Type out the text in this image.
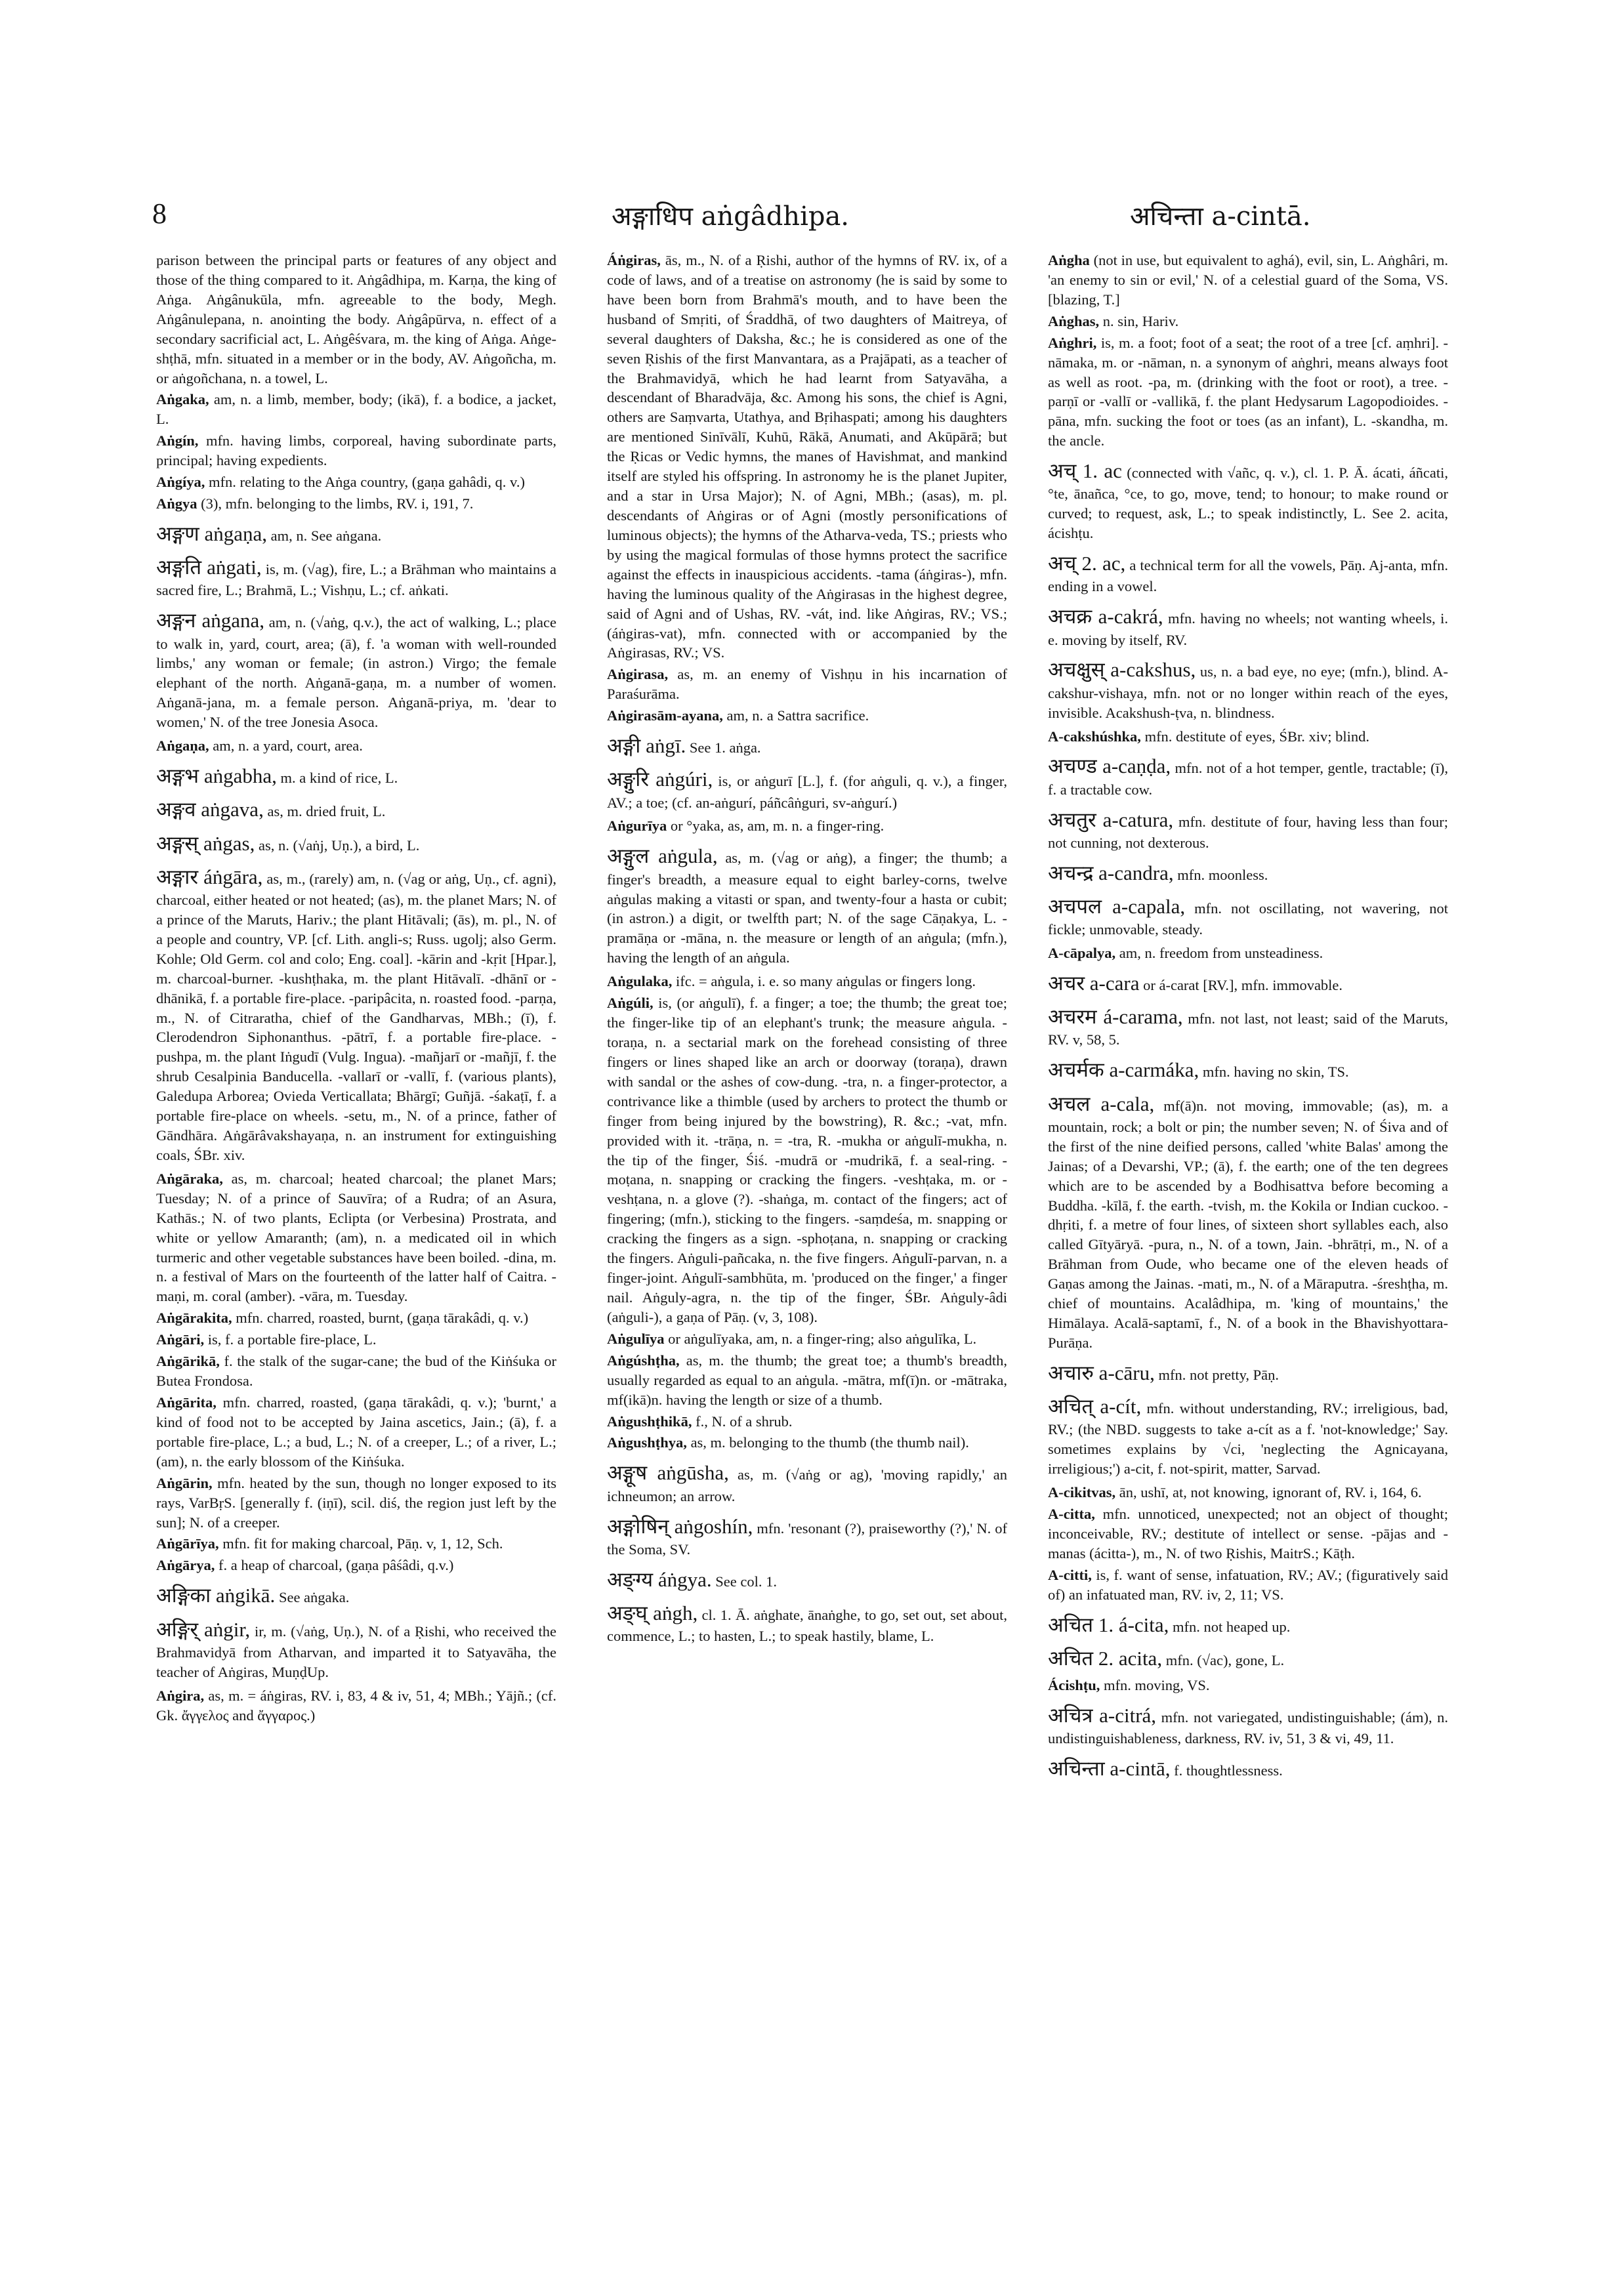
8	अङ्गाधिप aṅgâdhipa.	अचिन्ता a-cintā.

parison between the principal parts or features of any object and those of the thing compared to it. Aṅgâdhipa, m. Karṇa, the king of Aṅga. Aṅgânukūla, mfn. agreeable to the body, Megh. Aṅgânulepana, n. anointing the body. Aṅgâpūrva, n. effect of a secondary sacrificial act, L. Aṅgêśvara, m. the king of Aṅga. Aṅge-shṭhā, mfn. situated in a member or in the body, AV. Aṅgoñcha, m. or aṅgoñchana, n. a towel, L.

Aṅgaka, am, n. a limb, member, body; (ikā), f. a bodice, a jacket, L.

Aṅgín, mfn. having limbs, corporeal, having subordinate parts, principal; having expedients.

Aṅgíya, mfn. relating to the Aṅga country, (gaṇa gahâdi, q. v.)

Aṅgya (3), mfn. belonging to the limbs, RV. i, 191, 7.

अङ्गण aṅgaṇa, am, n. See aṅgana.

अङ्गति aṅgati, is, m. (√ag), fire, L.; a Brāhman who maintains a sacred fire, L.; Brahmā, L.; Vishṇu, L.; cf. aṅkati.

अङ्गन aṅgana, am, n. (√aṅg, q.v.), the act of walking, L.; place to walk in, yard, court, area; (ā), f. 'a woman with well-rounded limbs,' any woman or female; (in astron.) Virgo; the female elephant of the north. Aṅganā-gaṇa, m. a number of women. Aṅganā-jana, m. a female person. Aṅganā-priya, m. 'dear to women,' N. of the tree Jonesia Asoca.

Aṅgaṇa, am, n. a yard, court, area.

अङ्गभ aṅgabha, m. a kind of rice, L.

अङ्गव aṅgava, as, m. dried fruit, L.

अङ्गस् aṅgas, as, n. (√aṅj, Uṇ.), a bird, L.

अङ्गार áṅgāra, as, m., (rarely) am, n. (√ag or aṅg, Uṇ., cf. agni), charcoal, either heated or not heated; (as), m. the planet Mars; N. of a prince of the Maruts, Hariv.; the plant Hitāvali; (ās), m. pl., N. of a people and country, VP. [cf. Lith. angli-s; Russ. ugolj; also Germ. Kohle; Old Germ. col and colo; Eng. coal]. -kārin and -kṛit [Hpar.], m. charcoal-burner. -kushṭhaka, m. the plant Hitāvalī. -dhānī or -dhānikā, f. a portable fire-place. -paripâcita, n. roasted food. -parṇa, m., N. of Citraratha, chief of the Gandharvas, MBh.; (ī), f. Clerodendron Siphonanthus. -pātrī, f. a portable fire-place. -pushpa, m. the plant Iṅgudī (Vulg. Ingua). -mañjarī or -mañjī, f. the shrub Cesalpinia Banducella. -vallarī or -vallī, f. (various plants), Galedupa Arborea; Ovieda Verticallata; Bhārgī; Guñjā. -śakaṭī, f. a portable fire-place on wheels. -setu, m., N. of a prince, father of Gāndhāra. Aṅgārâvakshayaṇa, n. an instrument for extinguishing coals, ŚBr. xiv.

Aṅgāraka, as, m. charcoal; heated charcoal; the planet Mars; Tuesday; N. of a prince of Sauvīra; of a Rudra; of an Asura, Kathās.; N. of two plants, Eclipta (or Verbesina) Prostrata, and white or yellow Amaranth; (am), n. a medicated oil in which turmeric and other vegetable substances have been boiled. -dina, m. n. a festival of Mars on the fourteenth of the latter half of Caitra. -maṇi, m. coral (amber). -vāra, m. Tuesday.

Aṅgārakita, mfn. charred, roasted, burnt, (gaṇa tārakâdi, q. v.)

Aṅgāri, is, f. a portable fire-place, L.

Aṅgārikā, f. the stalk of the sugar-cane; the bud of the Kiṅśuka or Butea Frondosa.

Aṅgārita, mfn. charred, roasted, (gaṇa tārakâdi, q. v.); 'burnt,' a kind of food not to be accepted by Jaina ascetics, Jain.; (ā), f. a portable fire-place, L.; a bud, L.; N. of a creeper, L.; of a river, L.; (am), n. the early blossom of the Kiṅśuka.

Aṅgārin, mfn. heated by the sun, though no longer exposed to its rays, VarBṛS. [generally f. (iṇī), scil. diś, the region just left by the sun]; N. of a creeper.

Aṅgārīya, mfn. fit for making charcoal, Pāṇ. v, 1, 12, Sch.

Aṅgārya, f. a heap of charcoal, (gaṇa pâśâdi, q.v.)

अङ्गिका aṅgikā. See aṅgaka.

अङ्गिर् aṅgir, ir, m. (√aṅg, Uṇ.), N. of a Ṛishi, who received the Brahmavidyā from Atharvan, and imparted it to Satyavāha, the teacher of Aṅgiras, MuṇḍUp.

Aṅgira, as, m. = áṅgiras, RV. i, 83, 4 & iv, 51, 4; MBh.; Yājñ.; (cf. Gk. ἄγγελος and ἄγγαρος.)

Áṅgiras, ās, m., N. of a Ṛishi, author of the hymns of RV. ix, of a code of laws, and of a treatise on astronomy (he is said by some to have been born from Brahmā's mouth, and to have been the husband of Smṛiti, of Śraddhā, of two daughters of Maitreya, of several daughters of Daksha, &c.; he is considered as one of the seven Ṛishis of the first Manvantara, as a Prajāpati, as a teacher of the Brahmavidyā, which he had learnt from Satyavāha, a descendant of Bharadvāja, &c. Among his sons, the chief is Agni, others are Saṃvarta, Utathya, and Bṛihaspati; among his daughters are mentioned Sinīvālī, Kuhū, Rākā, Anumati, and Akūpārā; but the Ṛicas or Vedic hymns, the manes of Havishmat, and mankind itself are styled his offspring. In astronomy he is the planet Jupiter, and a star in Ursa Major); N. of Agni, MBh.; (asas), m. pl. descendants of Aṅgiras or of Agni (mostly personifications of luminous objects); the hymns of the Atharva-veda, TS.; priests who by using the magical formulas of those hymns protect the sacrifice against the effects in inauspicious accidents. -tama (áṅgiras-), mfn. having the luminous quality of the Aṅgirasas in the highest degree, said of Agni and of Ushas, RV. -vát, ind. like Aṅgiras, RV.; VS.; (áṅgiras-vat), mfn. connected with or accompanied by the Aṅgirasas, RV.; VS.

Aṅgirasa, as, m. an enemy of Vishṇu in his incarnation of Paraśurāma.

Aṅgirasām-ayana, am, n. a Sattra sacrifice.

अङ्गी aṅgī. See 1. aṅga.

अङ्गुरि aṅgúri, is, or aṅgurī [L.], f. (for aṅguli, q. v.), a finger, AV.; a toe; (cf. an-aṅgurí, páñcâṅguri, sv-aṅgurí.)

Aṅgurīya or °yaka, as, am, m. n. a finger-ring.

अङ्गुल aṅgula, as, m. (√ag or aṅg), a finger; the thumb; a finger's breadth, a measure equal to eight barley-corns, twelve aṅgulas making a vitasti or span, and twenty-four a hasta or cubit; (in astron.) a digit, or twelfth part; N. of the sage Cāṇakya, L. -pramāṇa or -māna, n. the measure or length of an aṅgula; (mfn.), having the length of an aṅgula.

Aṅgulaka, ifc. = aṅgula, i. e. so many aṅgulas or fingers long.

Aṅgúli, is, (or aṅgulī), f. a finger; a toe; the thumb; the great toe; the finger-like tip of an elephant's trunk; the measure aṅgula. -toraṇa, n. a sectarial mark on the forehead consisting of three fingers or lines shaped like an arch or doorway (toraṇa), drawn with sandal or the ashes of cow-dung. -tra, n. a finger-protector, a contrivance like a thimble (used by archers to protect the thumb or finger from being injured by the bowstring), R. &c.; -vat, mfn. provided with it. -trāṇa, n. = -tra, R. -mukha or aṅgulī-mukha, n. the tip of the finger, Śiś. -mudrā or -mudrikā, f. a seal-ring. -moṭana, n. snapping or cracking the fingers. -veshṭaka, m. or -veshṭana, n. a glove (?). -shaṅga, m. contact of the fingers; act of fingering; (mfn.), sticking to the fingers. -saṃdeśa, m. snapping or cracking the fingers as a sign. -sphoṭana, n. snapping or cracking the fingers. Aṅguli-pañcaka, n. the five fingers. Aṅgulī-parvan, n. a finger-joint. Aṅgulī-sambhūta, m. 'produced on the finger,' a finger nail. Aṅguly-agra, n. the tip of the finger, ŚBr. Aṅguly-âdi (aṅguli-), a gaṇa of Pāṇ. (v, 3, 108).

Aṅgulīya or aṅgulīyaka, am, n. a finger-ring; also aṅgulīka, L.

Aṅgúshṭha, as, m. the thumb; the great toe; a thumb's breadth, usually regarded as equal to an aṅgula. -mātra, mf(ī)n. or -mātraka, mf(ikā)n. having the length or size of a thumb.

Aṅgushṭhikā, f., N. of a shrub.

Aṅgushṭhya, as, m. belonging to the thumb (the thumb nail).

अङ्गूष aṅgūsha, as, m. (√aṅg or ag), 'moving rapidly,' an ichneumon; an arrow.

अङ्गोषिन् aṅgoshín, mfn. 'resonant (?), praiseworthy (?),' N. of the Soma, SV.

अङ्ग्य áṅgya. See col. 1.

अङ्घ् aṅgh, cl. 1. Ā. aṅghate, ānaṅghe, to go, set out, set about, commence, L.; to hasten, L.; to speak hastily, blame, L.

Aṅgha (not in use, but equivalent to aghá), evil, sin, L. Aṅghâri, m. 'an enemy to sin or evil,' N. of a celestial guard of the Soma, VS. [blazing, T.]

Aṅghas, n. sin, Hariv.

Aṅghri, is, m. a foot; foot of a seat; the root of a tree [cf. aṃhri]. -nāmaka, m. or -nāman, n. a synonym of aṅghri, means always foot as well as root. -pa, m. (drinking with the foot or root), a tree. -parṇī or -vallī or -vallikā, f. the plant Hedysarum Lagopodioides. -pāna, mfn. sucking the foot or toes (as an infant), L. -skandha, m. the ancle.

अच् 1. ac (connected with √añc, q. v.), cl. 1. P. Ā. ácati, áñcati, °te, ānañca, °ce, to go, move, tend; to honour; to make round or curved; to request, ask, L.; to speak indistinctly, L. See 2. acita, ácishṭu.

अच् 2. ac, a technical term for all the vowels, Pāṇ. Aj-anta, mfn. ending in a vowel.

अचक्र a-cakrá, mfn. having no wheels; not wanting wheels, i. e. moving by itself, RV.

अचक्षुस् a-cakshus, us, n. a bad eye, no eye; (mfn.), blind. A-cakshur-vishaya, mfn. not or no longer within reach of the eyes, invisible. Acakshush-ṭva, n. blindness.

A-cakshúshka, mfn. destitute of eyes, ŚBr. xiv; blind.

अचण्ड a-caṇḍa, mfn. not of a hot temper, gentle, tractable; (ī), f. a tractable cow.

अचतुर a-catura, mfn. destitute of four, having less than four; not cunning, not dexterous.

अचन्द्र a-candra, mfn. moonless.

अचपल a-capala, mfn. not oscillating, not wavering, not fickle; unmovable, steady.

A-cāpalya, am, n. freedom from unsteadiness.

अचर a-cara or á-carat [RV.], mfn. immovable.

अचरम á-carama, mfn. not last, not least; said of the Maruts, RV. v, 58, 5.

अचर्मक a-carmáka, mfn. having no skin, TS.

अचल a-cala, mf(ā)n. not moving, immovable; (as), m. a mountain, rock; a bolt or pin; the number seven; N. of Śiva and of the first of the nine deified persons, called 'white Balas' among the Jainas; of a Devarshi, VP.; (ā), f. the earth; one of the ten degrees which are to be ascended by a Bodhisattva before becoming a Buddha. -kīlā, f. the earth. -tvish, m. the Kokila or Indian cuckoo. -dhṛiti, f. a metre of four lines, of sixteen short syllables each, also called Gītyāryā. -pura, n., N. of a town, Jain. -bhrātṛi, m., N. of a Brāhman from Oude, who became one of the eleven heads of Gaṇas among the Jainas. -mati, m., N. of a Māraputra. -śreshṭha, m. chief of mountains. Acalâdhipa, m. 'king of mountains,' the Himālaya. Acalā-saptamī, f., N. of a book in the Bhavishyottara-Purāṇa.

अचारु a-cāru, mfn. not pretty, Pāṇ.

अचित् a-cít, mfn. without understanding, RV.; irreligious, bad, RV.; (the NBD. suggests to take a-cít as a f. 'not-knowledge;' Say. sometimes explains by √ci, 'neglecting the Agnicayana, irreligious;') a-cit, f. not-spirit, matter, Sarvad.

A-cikitvas, ān, ushī, at, not knowing, ignorant of, RV. i, 164, 6.

A-citta, mfn. unnoticed, unexpected; not an object of thought; inconceivable, RV.; destitute of intellect or sense. -pājas and -manas (ácitta-), m., N. of two Ṛishis, MaitrS.; Kāṭh.

A-citti, is, f. want of sense, infatuation, RV.; AV.; (figuratively said of) an infatuated man, RV. iv, 2, 11; VS.

अचित 1. á-cita, mfn. not heaped up.

अचित 2. acita, mfn. (√ac), gone, L.

Ácishṭu, mfn. moving, VS.

अचित्र a-citrá, mfn. not variegated, undistinguishable; (ám), n. undistinguishableness, darkness, RV. iv, 51, 3 & vi, 49, 11.

अचिन्ता a-cintā, f. thoughtlessness.
